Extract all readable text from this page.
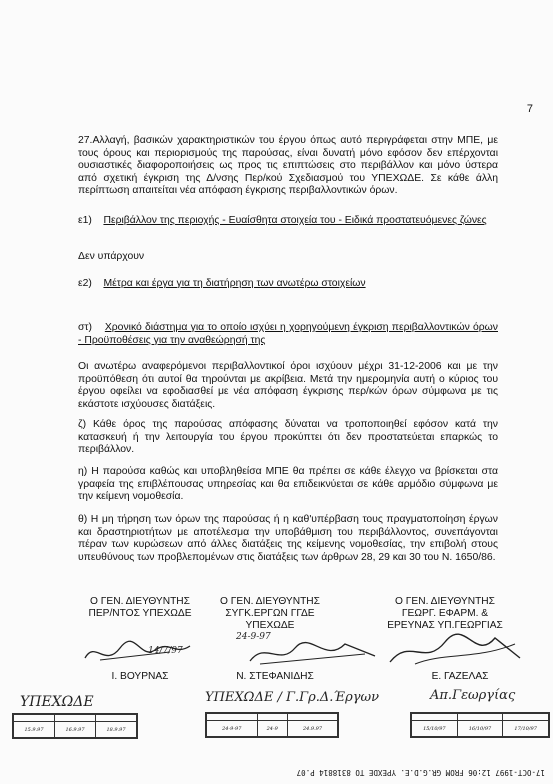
7
27.Αλλαγή, βασικών χαρακτηριστικών του έργου όπως αυτό περιγράφεται στην ΜΠΕ, με τους όρους και περιορισμούς της παρούσας, είναι δυνατή μόνο εφόσον δεν επέρχονται ουσιαστικές διαφοροποιήσεις ως προς τις επιπτώσεις στο περιβάλλον και μόνο ύστερα από σχετική έγκριση της Δ/νσης Περ/κού Σχεδιασμού του ΥΠΕΧΩΔΕ. Σε κάθε άλλη περίπτωση απαιτείται νέα απόφαση έγκρισης περιβαλλοντικών όρων.
ε1) Περιβάλλον της περιοχής - Ευαίσθητα στοιχεία του - Ειδικά προστατευόμενες ζώνες
Δεν υπάρχουν
ε2) Μέτρα και έργα για τη διατήρηση των ανωτέρω στοιχείων
στ) Χρονικό διάστημα για το οποίο ισχύει η χορηγούμενη έγκριση περιβαλλοντικών όρων - Προϋποθέσεις για την αναθεώρησή της
Οι ανωτέρω αναφερόμενοι περιβαλλοντικοί όροι ισχύουν μέχρι 31-12-2006 και με την προϋπόθεση ότι αυτοί θα τηρούνται με ακρίβεια. Μετά την ημερομηνία αυτή ο κύριος του έργου οφείλει να εφοδιασθεί με νέα απόφαση έγκρισης περ/κών όρων σύμφωνα με τις εκάστοτε ισχύουσες διατάξεις.
ζ) Κάθε όρος της παρούσας απόφασης δύναται να τροποποιηθεί εφόσον κατά την κατασκευή ή την λειτουργία του έργου προκύπτει ότι δεν προστατεύεται επαρκώς το περιβάλλον.
η) Η παρούσα καθώς και υποβληθείσα ΜΠΕ θα πρέπει σε κάθε έλεγχο να βρίσκεται στα γραφεία της επιβλέπουσας υπηρεσίας και θα επιδεικνύεται σε κάθε αρμόδιο σύμφωνα με την κείμενη νομοθεσία.
θ) Η μη τήρηση των όρων της παρούσας ή η καθ'υπέρβαση τους πραγματοποίηση έργων και δραστηριοτήτων με αποτέλεσμα την υποβάθμιση του περιβάλλοντος, συνεπάγονται πέραν των κυρώσεων από άλλες διατάξεις της κείμενης νομοθεσίας, την επιβολή στους υπευθύνους των προβλεπομένων στις διατάξεις των άρθρων 28, 29 και 30 του Ν. 1650/86.
Ο ΓΕΝ. ΔΙΕΥΘΥΝΤΗΣ
ΠΕΡ/ΝΤΟΣ ΥΠΕΧΩΔΕ
Ο ΓΕΝ. ΔΙΕΥΘΥΝΤΗΣ
ΣΥΓΚ.ΕΡΓΩΝ ΓΓΔΕ
ΥΠΕΧΩΔΕ
Ο ΓΕΝ. ΔΙΕΥΘΥΝΤΗΣ
ΓΕΩΡΓ. ΕΦΑΡΜ. &
ΕΡΕΥΝΑΣ ΥΠ.ΓΕΩΡΓΙΑΣ
14/7/97
24-9-97
Ι. ΒΟΥΡΝΑΣ	Ν. ΣΤΕΦΑΝΙΔΗΣ	Ε. ΓΑΖΕΛΑΣ
ΥΠΕΧΩΔΕ	ΥΠΕΧΩΔΕ / Γ.Γρ.Δ.Έργων	Απ.Γεωργίας

15.9.97	16.9.97	18.9.97
			24-9-97	24-9	24.9.97
			15/10/97	16/10/97	17/10/97
17-OCT-1997 12:06 FROM GR.G.D.E. YPEXDE TO 8318814 P.07
